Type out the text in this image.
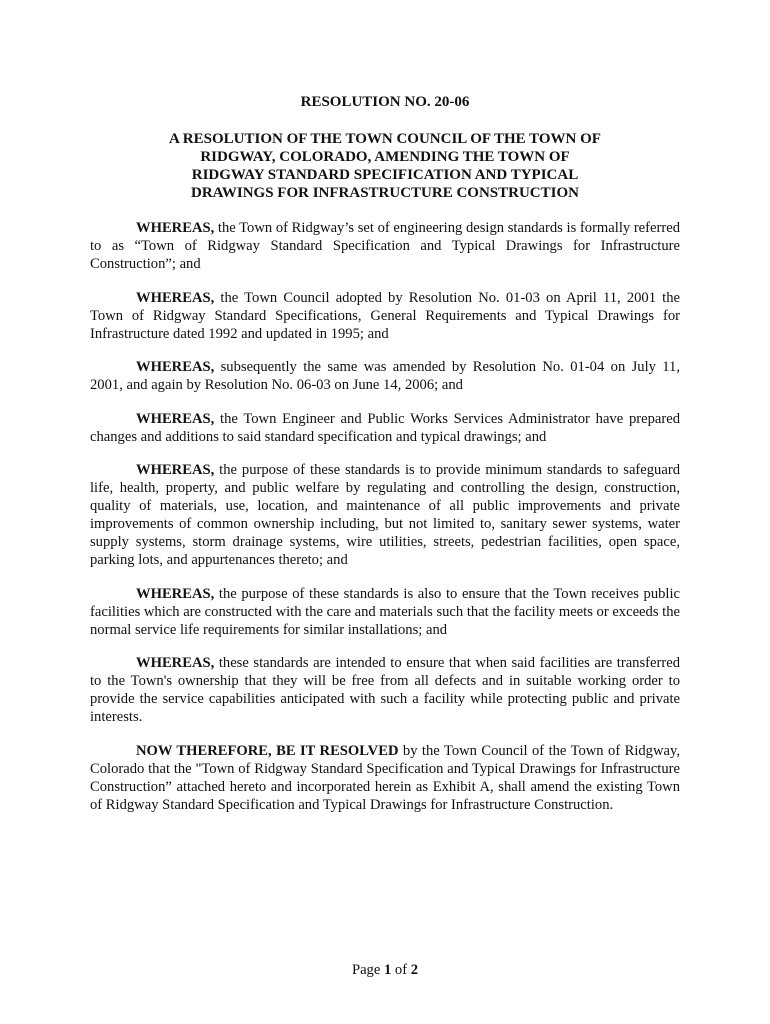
RESOLUTION NO. 20-06
A RESOLUTION OF THE TOWN COUNCIL OF THE TOWN OF
RIDGWAY, COLORADO, AMENDING THE TOWN OF
RIDGWAY STANDARD SPECIFICATION AND TYPICAL
DRAWINGS FOR INFRASTRUCTURE CONSTRUCTION

WHEREAS, the Town of Ridgway’s set of engineering design standards is formally referred to as “Town of Ridgway Standard Specification and Typical Drawings for Infrastructure Construction”; and

WHEREAS, the Town Council adopted by Resolution No. 01-03 on April 11, 2001 the Town of Ridgway Standard Specifications, General Requirements and Typical Drawings for Infrastructure dated 1992 and updated in 1995; and

WHEREAS, subsequently the same was amended by Resolution No. 01-04 on July 11, 2001, and again by Resolution No. 06-03 on June 14, 2006; and

WHEREAS, the Town Engineer and Public Works Services Administrator have prepared changes and additions to said standard specification and typical drawings; and

WHEREAS, the purpose of these standards is to provide minimum standards to safeguard life, health, property, and public welfare by regulating and controlling the design, construction, quality of materials, use, location, and maintenance of all public improvements and private improvements of common ownership including, but not limited to, sanitary sewer systems, water supply systems, storm drainage systems, wire utilities, streets, pedestrian facilities, open space, parking lots, and appurtenances thereto; and

WHEREAS, the purpose of these standards is also to ensure that the Town receives public facilities which are constructed with the care and materials such that the facility meets or exceeds the normal service life requirements for similar installations; and

WHEREAS, these standards are intended to ensure that when said facilities are transferred to the Town's ownership that they will be free from all defects and in suitable working order to provide the service capabilities anticipated with such a facility while protecting public and private interests.

NOW THEREFORE, BE IT RESOLVED by the Town Council of the Town of Ridgway, Colorado that the "Town of Ridgway Standard Specification and Typical Drawings for Infrastructure Construction” attached hereto and incorporated herein as Exhibit A, shall amend the existing Town of Ridgway Standard Specification and Typical Drawings for Infrastructure Construction.

Page 1 of 2
